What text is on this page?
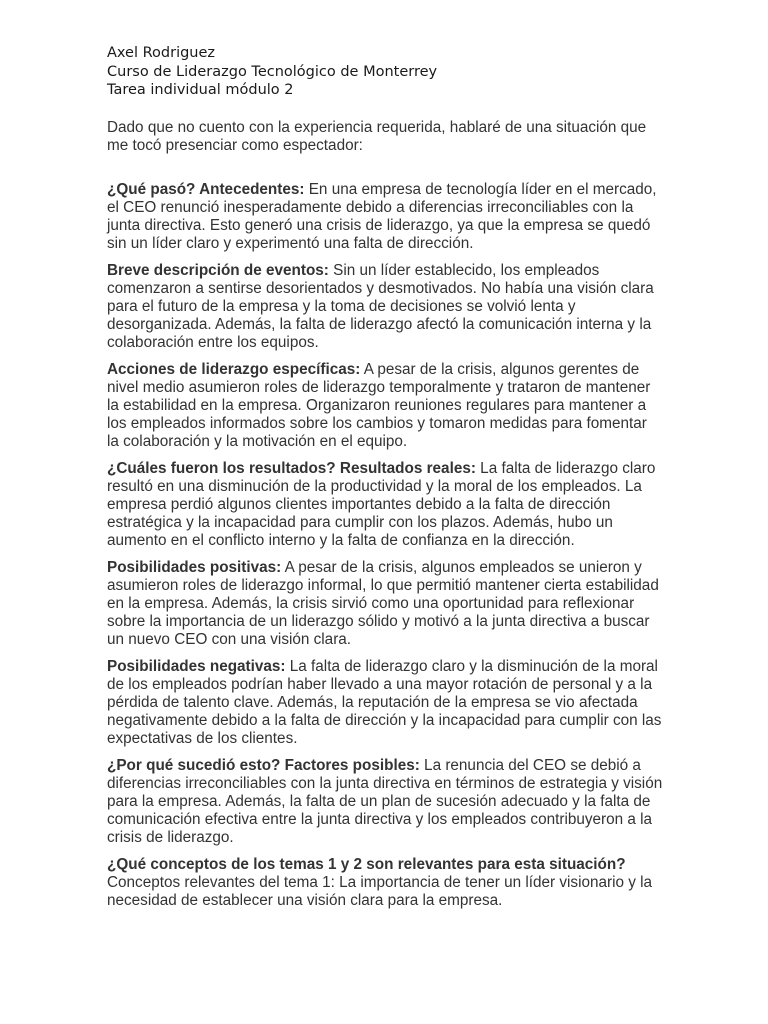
Axel Rodriguez
Curso de Liderazgo Tecnológico de Monterrey
Tarea individual módulo 2

Dado que no cuento con la experiencia requerida, hablaré de una situación que me tocó presenciar como espectador:

¿Qué pasó? Antecedentes: En una empresa de tecnología líder en el mercado, el CEO renunció inesperadamente debido a diferencias irreconciliables con la junta directiva. Esto generó una crisis de liderazgo, ya que la empresa se quedó sin un líder claro y experimentó una falta de dirección.

Breve descripción de eventos: Sin un líder establecido, los empleados comenzaron a sentirse desorientados y desmotivados. No había una visión clara para el futuro de la empresa y la toma de decisiones se volvió lenta y desorganizada. Además, la falta de liderazgo afectó la comunicación interna y la colaboración entre los equipos.

Acciones de liderazgo específicas: A pesar de la crisis, algunos gerentes de nivel medio asumieron roles de liderazgo temporalmente y trataron de mantener la estabilidad en la empresa. Organizaron reuniones regulares para mantener a los empleados informados sobre los cambios y tomaron medidas para fomentar la colaboración y la motivación en el equipo.

¿Cuáles fueron los resultados? Resultados reales: La falta de liderazgo claro resultó en una disminución de la productividad y la moral de los empleados. La empresa perdió algunos clientes importantes debido a la falta de dirección estratégica y la incapacidad para cumplir con los plazos. Además, hubo un aumento en el conflicto interno y la falta de confianza en la dirección.

Posibilidades positivas: A pesar de la crisis, algunos empleados se unieron y asumieron roles de liderazgo informal, lo que permitió mantener cierta estabilidad en la empresa. Además, la crisis sirvió como una oportunidad para reflexionar sobre la importancia de un liderazgo sólido y motivó a la junta directiva a buscar un nuevo CEO con una visión clara.

Posibilidades negativas: La falta de liderazgo claro y la disminución de la moral de los empleados podrían haber llevado a una mayor rotación de personal y a la pérdida de talento clave. Además, la reputación de la empresa se vio afectada negativamente debido a la falta de dirección y la incapacidad para cumplir con las expectativas de los clientes.

¿Por qué sucedió esto? Factores posibles: La renuncia del CEO se debió a diferencias irreconciliables con la junta directiva en términos de estrategia y visión para la empresa. Además, la falta de un plan de sucesión adecuado y la falta de comunicación efectiva entre la junta directiva y los empleados contribuyeron a la crisis de liderazgo.

¿Qué conceptos de los temas 1 y 2 son relevantes para esta situación?
Conceptos relevantes del tema 1: La importancia de tener un líder visionario y la necesidad de establecer una visión clara para la empresa.
